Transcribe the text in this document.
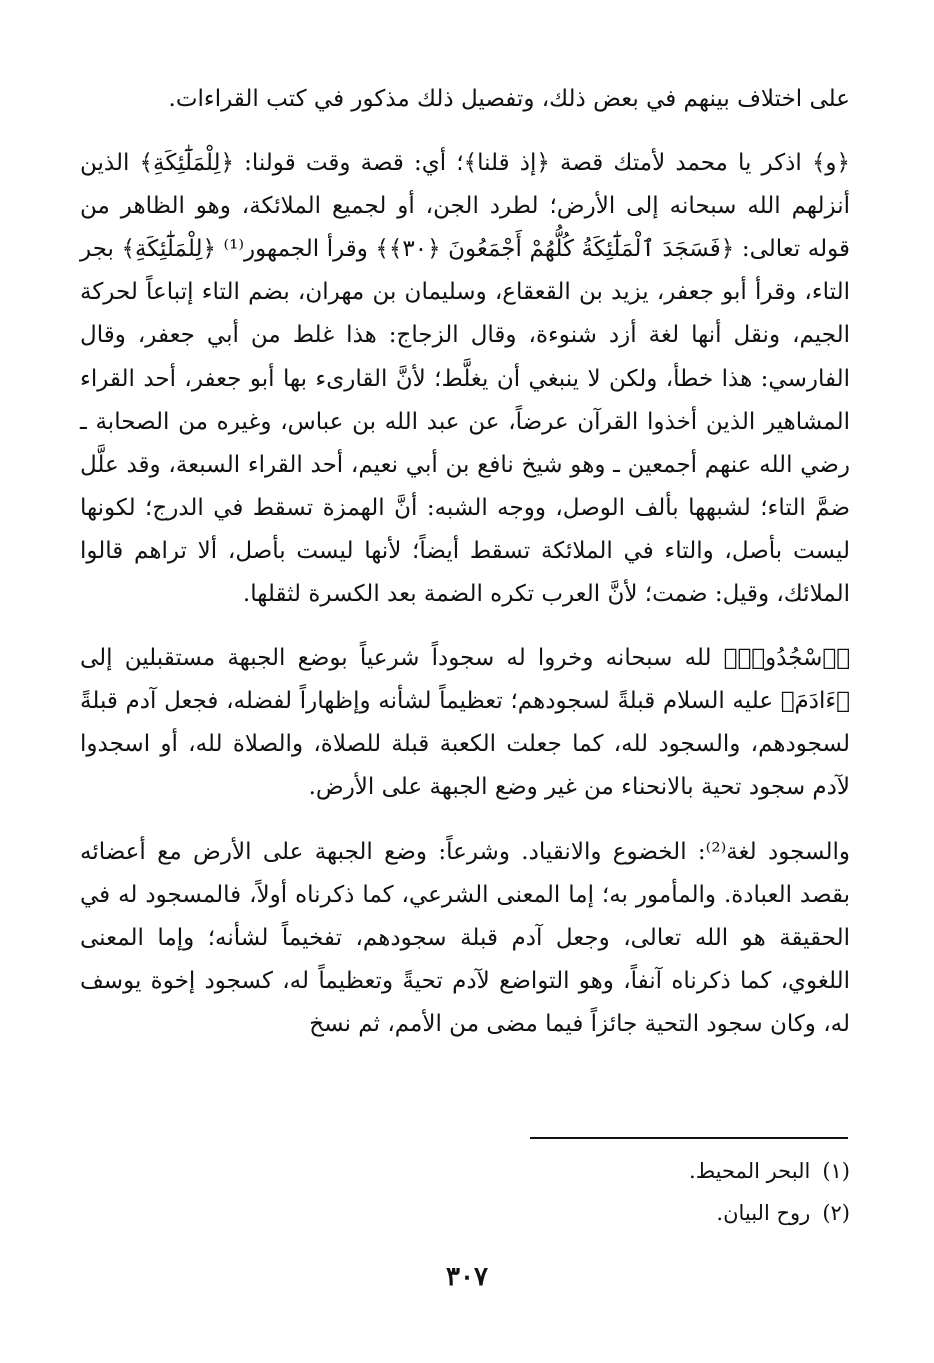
على اختلاف بينهم في بعض ذلك، وتفصيل ذلك مذكور في كتب القراءات.

﴿و﴾ اذكر يا محمد لأمتك قصة ﴿إذ قلنا﴾؛ أي: قصة وقت قولنا: ﴿لِلْمَلَٰٓئِكَةِ﴾ الذين أنزلهم الله سبحانه إلى الأرض؛ لطرد الجن، أو لجميع الملائكة، وهو الظاهر من قوله تعالى: ﴿فَسَجَدَ ٱلْمَلَٰٓئِكَةُ كُلُّهُمْ أَجْمَعُونَ ﴿٣٠﴾﴾ وقرأ الجمهور⁽¹⁾ ﴿لِلْمَلَٰٓئِكَةِ﴾ بجر التاء، وقرأ أبو جعفر، يزيد بن القعقاع، وسليمان بن مهران، بضم التاء إتباعاً لحركة الجيم، ونقل أنها لغة أزد شنوءة، وقال الزجاج: هذا غلط من أبي جعفر، وقال الفارسي: هذا خطأ، ولكن لا ينبغي أن يغلَّط؛ لأنَّ القارىء بها أبو جعفر، أحد القراء المشاهير الذين أخذوا القرآن عرضاً، عن عبد الله بن عباس، وغيره من الصحابة ـ رضي الله عنهم أجمعين ـ وهو شيخ نافع بن أبي نعيم، أحد القراء السبعة، وقد علَّل ضمَّ التاء؛ لشبهها بألف الوصل، ووجه الشبه: أنَّ الهمزة تسقط في الدرج؛ لكونها ليست بأصل، والتاء في الملائكة تسقط أيضاً؛ لأنها ليست بأصل، ألا تراهم قالوا الملائك، وقيل: ضمت؛ لأنَّ العرب تكره الضمة بعد الكسرة لثقلها.

﴿ٱسْجُدُوا۟﴾ لله سبحانه وخروا له سجوداً شرعياً بوضع الجبهة مستقبلين إلى ﴿ءَادَمَ﴾ عليه السلام قبلةً لسجودهم؛ تعظيماً لشأنه وإظهاراً لفضله، فجعل آدم قبلةً لسجودهم، والسجود لله، كما جعلت الكعبة قبلة للصلاة، والصلاة لله، أو اسجدوا لآدم سجود تحية بالانحناء من غير وضع الجبهة على الأرض.

والسجود لغة⁽²⁾: الخضوع والانقياد. وشرعاً: وضع الجبهة على الأرض مع أعضائه بقصد العبادة. والمأمور به؛ إما المعنى الشرعي، كما ذكرناه أولاً، فالمسجود له في الحقيقة هو الله تعالى، وجعل آدم قبلة سجودهم، تفخيماً لشأنه؛ وإما المعنى اللغوي، كما ذكرناه آنفاً، وهو التواضع لآدم تحيةً وتعظيماً له، كسجود إخوة يوسف له، وكان سجود التحية جائزاً فيما مضى من الأمم، ثم نسخ

(١)البحر المحيط.
(٢)روح البيان.
٣٠٧
